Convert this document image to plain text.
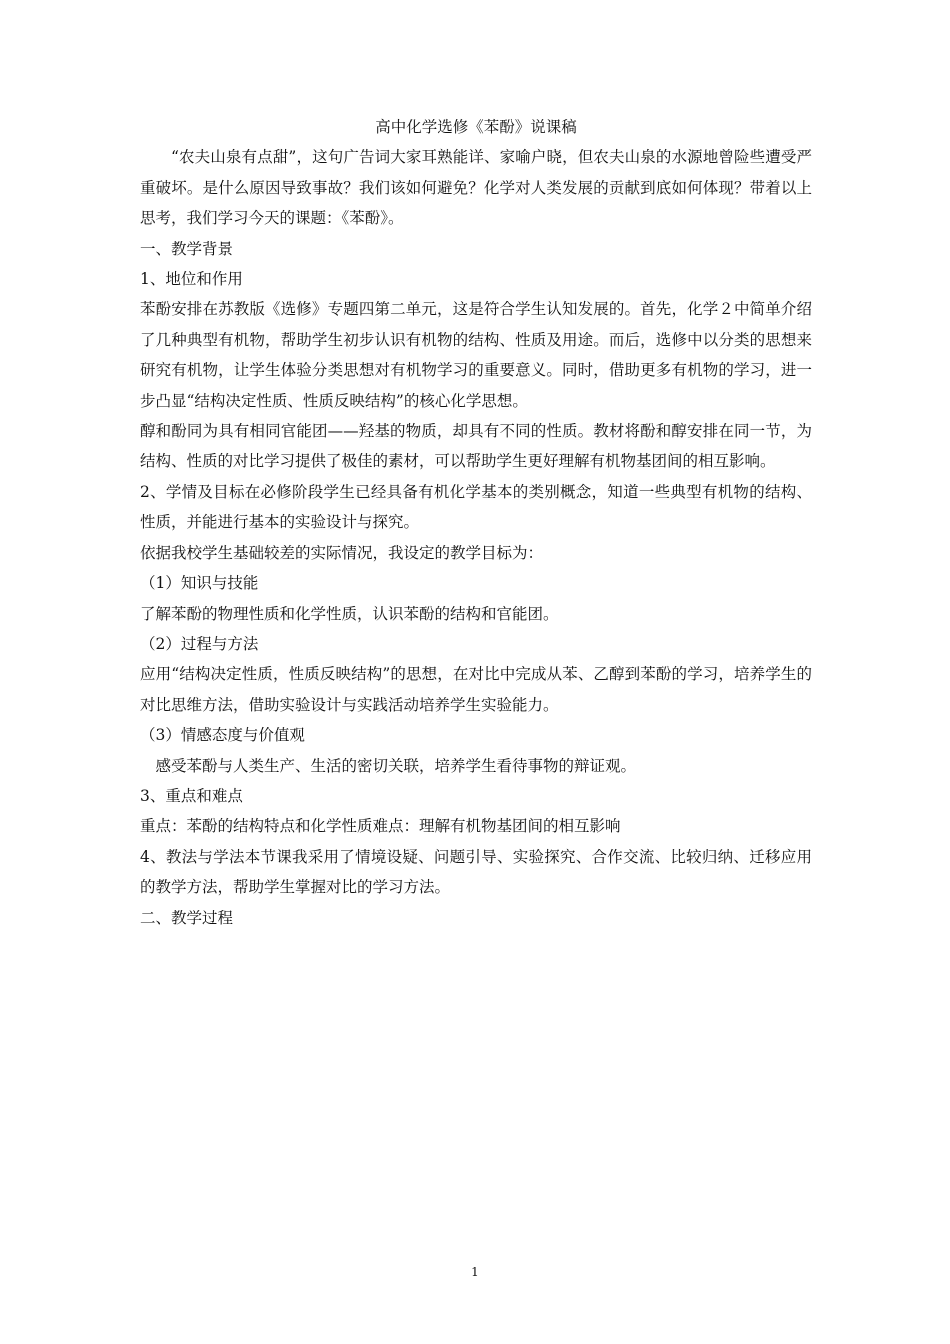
高中化学选修《苯酚》说课稿

“农夫山泉有点甜”，这句广告词大家耳熟能详、家喻户晓，但农夫山泉的水源地曾险些遭受严重破坏。是什么原因导致事故？我们该如何避免？化学对人类发展的贡献到底如何体现？带着以上思考，我们学习今天的课题：《苯酚》。

一、教学背景

1、地位和作用

苯酚安排在苏教版《选修》专题四第二单元，这是符合学生认知发展的。首先，化学２中简单介绍了几种典型有机物，帮助学生初步认识有机物的结构、性质及用途。而后，选修中以分类的思想来研究有机物，让学生体验分类思想对有机物学习的重要意义。同时，借助更多有机物的学习，进一步凸显“结构决定性质、性质反映结构”的核心化学思想。

醇和酚同为具有相同官能团——羟基的物质，却具有不同的性质。教材将酚和醇安排在同一节，为结构、性质的对比学习提供了极佳的素材，可以帮助学生更好理解有机物基团间的相互影响。

2、学情及目标在必修阶段学生已经具备有机化学基本的类别概念，知道一些典型有机物的结构、性质，并能进行基本的实验设计与探究。

依据我校学生基础较差的实际情况，我设定的教学目标为：

（1）知识与技能

了解苯酚的物理性质和化学性质，认识苯酚的结构和官能团。

（2）过程与方法

应用“结构决定性质，性质反映结构”的思想，在对比中完成从苯、乙醇到苯酚的学习，培养学生的对比思维方法，借助实验设计与实践活动培养学生实验能力。

（3）情感态度与价值观

感受苯酚与人类生产、生活的密切关联，培养学生看待事物的辩证观。

3、重点和难点

重点：苯酚的结构特点和化学性质难点：理解有机物基团间的相互影响

4、教法与学法本节课我采用了情境设疑、问题引导、实验探究、合作交流、比较归纳、迁移应用的教学方法，帮助学生掌握对比的学习方法。

二、教学过程

1
